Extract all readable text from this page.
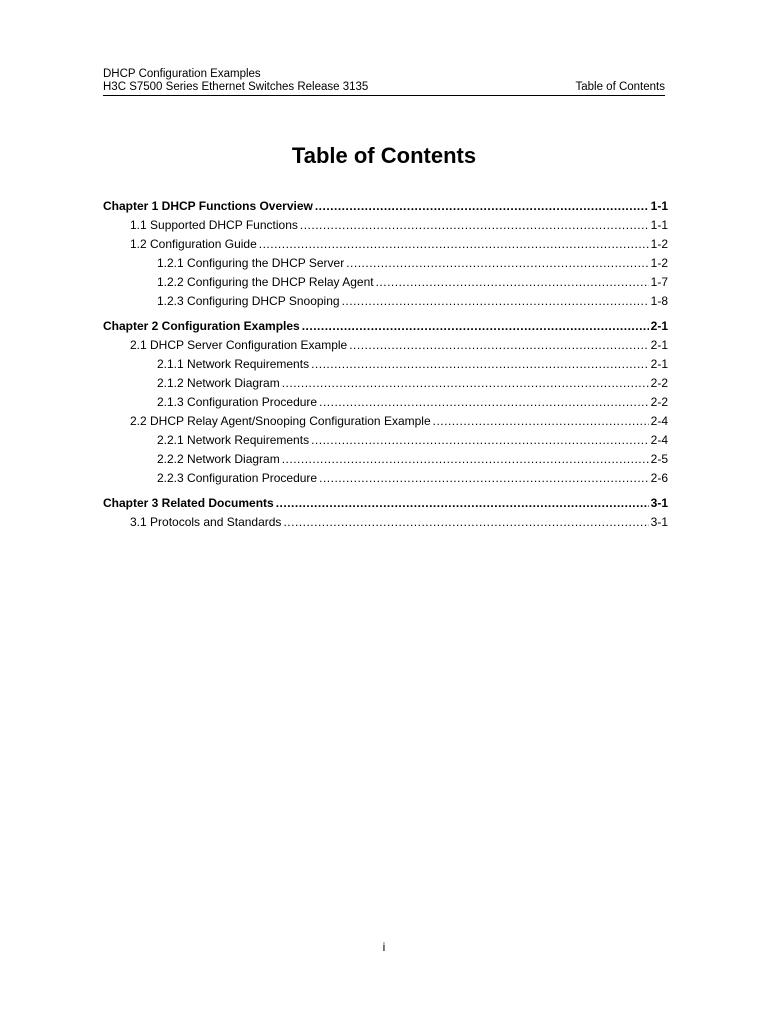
DHCP Configuration Examples
H3C S7500 Series Ethernet Switches Release 3135	Table of Contents
Table of Contents
Chapter 1 DHCP Functions Overview .....	1-1
1.1 Supported DHCP Functions .....	1-1
1.2 Configuration Guide .....	1-2
1.2.1 Configuring the DHCP Server .....	1-2
1.2.2 Configuring the DHCP Relay Agent .....	1-7
1.2.3 Configuring DHCP Snooping .....	1-8
Chapter 2 Configuration Examples .....	2-1
2.1 DHCP Server Configuration Example .....	2-1
2.1.1 Network Requirements .....	2-1
2.1.2 Network Diagram .....	2-2
2.1.3 Configuration Procedure .....	2-2
2.2 DHCP Relay Agent/Snooping Configuration Example .....	2-4
2.2.1 Network Requirements .....	2-4
2.2.2 Network Diagram .....	2-5
2.2.3 Configuration Procedure .....	2-6
Chapter 3 Related Documents .....	3-1
3.1 Protocols and Standards .....	3-1
i
